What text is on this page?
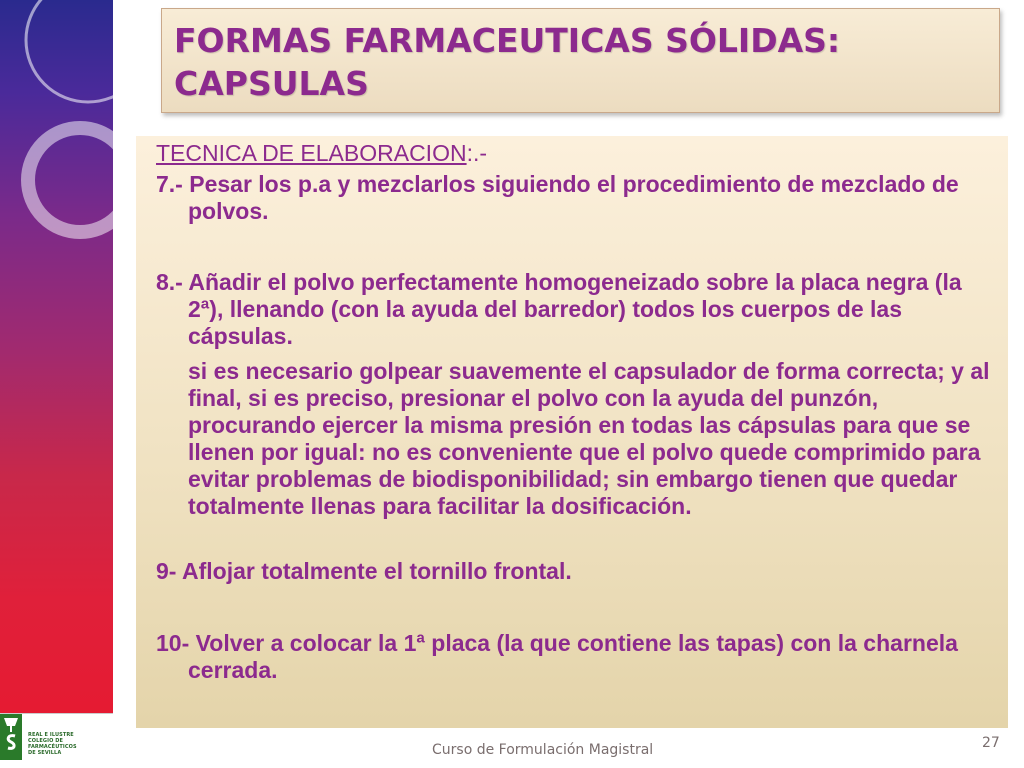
REAL E ILUSTRE
COLEGIO DE FARMACÉUTICOS
DE SEVILLA
FORMAS FARMACEUTICAS SÓLIDAS:
CAPSULAS

TECNICA DE ELABORACION:.-

7.- Pesar los p.a y mezclarlos siguiendo el procedimiento de mezclado de polvos.

8.- Añadir el polvo perfectamente homogeneizado sobre la placa negra (la 2ª), llenando (con la ayuda del barredor) todos los cuerpos de las cápsulas.

si es necesario golpear suavemente el capsulador de forma correcta; y al final, si es preciso, presionar el polvo con la ayuda del punzón, procurando ejercer la misma presión en todas las cápsulas para que se llenen por igual: no es conveniente que el polvo quede comprimido para evitar problemas de biodisponibilidad; sin embargo tienen que quedar totalmente llenas para facilitar la dosificación.

9- Aflojar totalmente el tornillo frontal.

10- Volver a colocar la 1ª placa (la que contiene las tapas) con la charnela cerrada.

Curso de Formulación Magistral	27
